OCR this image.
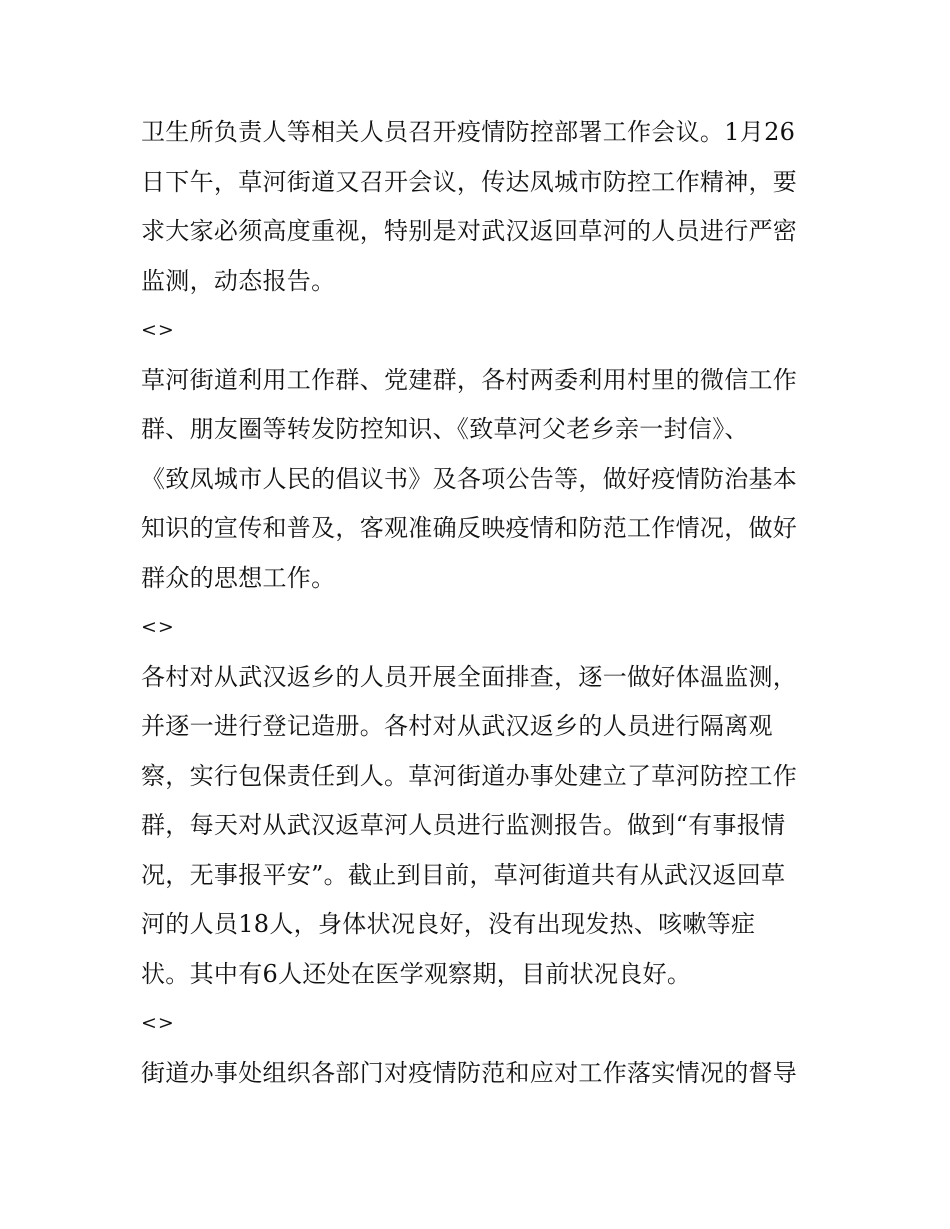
卫生所负责人等相关人员召开疫情防控部署工作会议。1月26
日下午，草河街道又召开会议，传达凤城市防控工作精神，要
求大家必须高度重视，特别是对武汉返回草河的人员进行严密
监测，动态报告。
<>
草河街道利用工作群、党建群，各村两委利用村里的微信工作
群、朋友圈等转发防控知识、《致草河父老乡亲一封信》、
《致凤城市人民的倡议书》及各项公告等，做好疫情防治基本
知识的宣传和普及，客观准确反映疫情和防范工作情况，做好
群众的思想工作。
<>
各村对从武汉返乡的人员开展全面排查，逐一做好体温监测，
并逐一进行登记造册。各村对从武汉返乡的人员进行隔离观
察，实行包保责任到人。草河街道办事处建立了草河防控工作
群，每天对从武汉返草河人员进行监测报告。做到“有事报情
况，无事报平安”。截止到目前，草河街道共有从武汉返回草
河的人员18人，身体状况良好，没有出现发热、咳嗽等症
状。其中有6人还处在医学观察期，目前状况良好。
<>
街道办事处组织各部门对疫情防范和应对工作落实情况的督导
